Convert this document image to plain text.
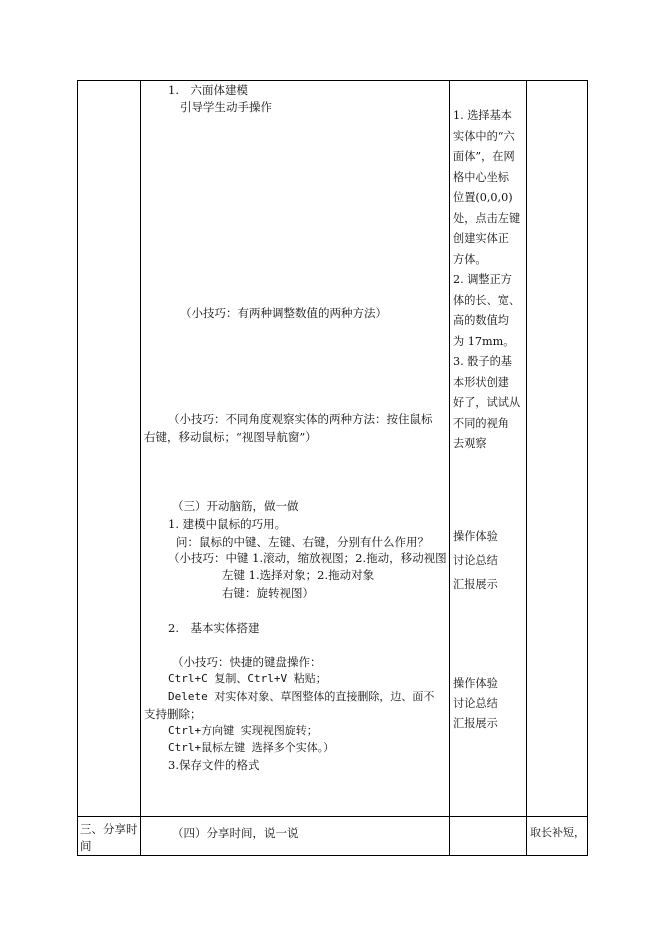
1.　六面体建模
引导学生动手操作
（小技巧：有两种调整数值的两种方法）
（小技巧：不同角度观察实体的两种方法：按住鼠标
右键，移动鼠标；“视图导航窗”）
（三）开动脑筋，做一做
1. 建模中鼠标的巧用。
问：鼠标的中键、左键、右键，分别有什么作用？
（小技巧：中键 1.滚动，缩放视图；2.拖动，移动视图
左键 1.选择对象；2.拖动对象
右键：旋转视图）
2.　基本实体搭建
（小技巧：快捷的键盘操作：
Ctrl+C 复制、Ctrl+V 粘贴；
Delete 对实体对象、草图整体的直接删除，边、面不
支持删除；
Ctrl+方向键 实现视图旋转；
Ctrl+鼠标左键 选择多个实体。）
3.保存文件的格式
1. 选择基本
实体中的“六
面体”，在网
格中心坐标
位置(0,0,0)
处，点击左键
创建实体正
方体。
2. 调整正方
体的长、宽、
高的数值均
为 17mm。
3. 骰子的基
本形状创建
好了，试试从
不同的视角
去观察
操作体验
讨论总结
汇报展示
操作体验
讨论总结
汇报展示
三、分享时
间
（四）分享时间，说一说	取长补短，
